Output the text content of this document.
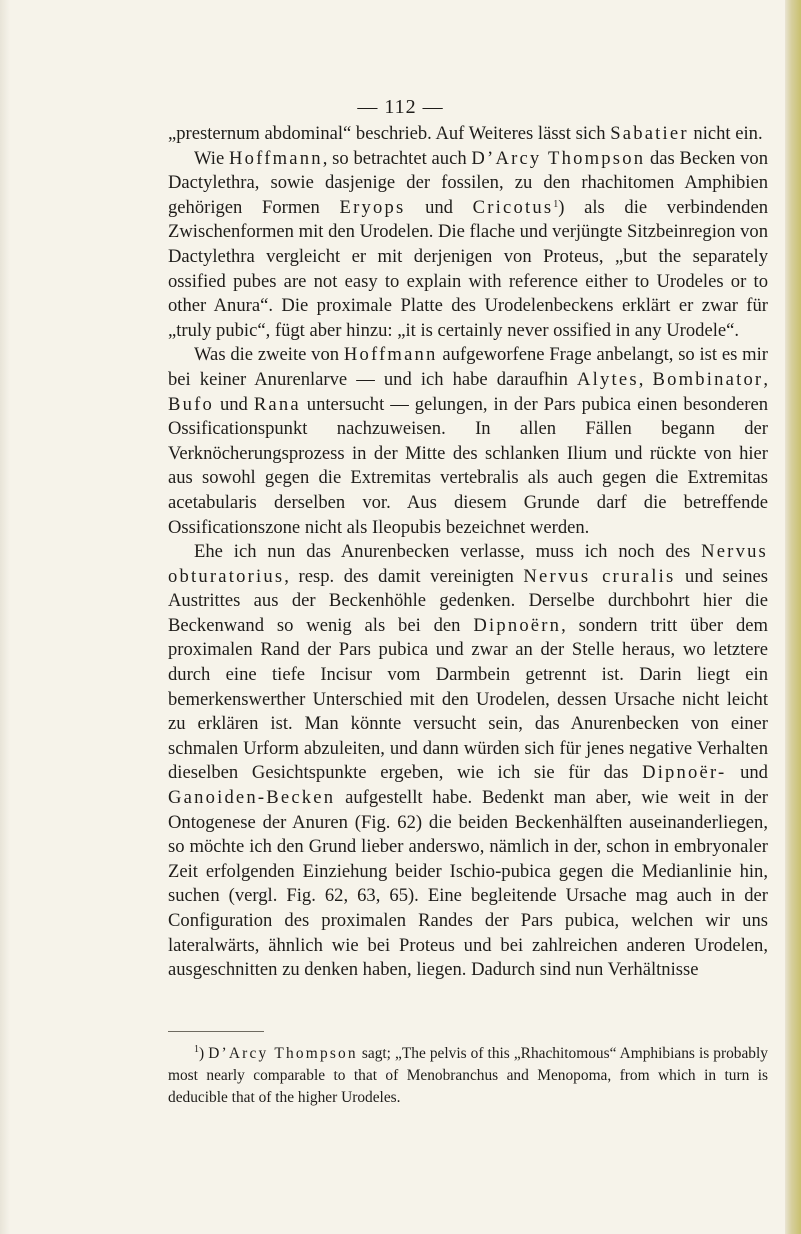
— 112 —

„presternum abdominal“ beschrieb. Auf Weiteres lässt sich Sabatier nicht ein.

Wie Hoffmann, so betrachtet auch D’Arcy Thompson das Becken von Dactylethra, sowie dasjenige der fossilen, zu den rhachitomen Amphibien gehörigen Formen Eryops und Cricotus$^1$) als die verbindenden Zwischenformen mit den Urodelen. Die flache und verjüngte Sitzbeinregion von Dactylethra vergleicht er mit derjenigen von Proteus, „but the separately ossified pubes are not easy to explain with reference either to Urodeles or to other Anura“. Die proximale Platte des Urodelenbeckens erklärt er zwar für „truly pubic“, fügt aber hinzu: „it is certainly never ossified in any Urodele“.

Was die zweite von Hoffmann aufgeworfene Frage anbelangt, so ist es mir bei keiner Anurenlarve — und ich habe daraufhin Alytes, Bombinator, Bufo und Rana untersucht — gelungen, in der Pars pubica einen besonderen Ossificationspunkt nachzuweisen. In allen Fällen begann der Verknöcherungsprozess in der Mitte des schlanken Ilium und rückte von hier aus sowohl gegen die Extremitas vertebralis als auch gegen die Extremitas acetabularis derselben vor. Aus diesem Grunde darf die betreffende Ossificationszone nicht als Ileopubis bezeichnet werden.

Ehe ich nun das Anurenbecken verlasse, muss ich noch des Nervus obturatorius, resp. des damit vereinigten Nervus cruralis und seines Austrittes aus der Beckenhöhle gedenken. Derselbe durchbohrt hier die Beckenwand so wenig als bei den Dipnoërn, sondern tritt über dem proximalen Rand der Pars pubica und zwar an der Stelle heraus, wo letztere durch eine tiefe Incisur vom Darmbein getrennt ist. Darin liegt ein bemerkenswerther Unterschied mit den Urodelen, dessen Ursache nicht leicht zu erklären ist. Man könnte versucht sein, das Anurenbecken von einer schmalen Urform abzuleiten, und dann würden sich für jenes negative Verhalten dieselben Gesichtspunkte ergeben, wie ich sie für das Dipnoër- und Ganoiden-Becken aufgestellt habe. Bedenkt man aber, wie weit in der Ontogenese der Anuren (Fig. 62) die beiden Beckenhälften auseinanderliegen, so möchte ich den Grund lieber anderswo, nämlich in der, schon in embryonaler Zeit erfolgenden Einziehung beider Ischio-pubica gegen die Medianlinie hin, suchen (vergl. Fig. 62, 63, 65). Eine begleitende Ursache mag auch in der Configuration des proximalen Randes der Pars pubica, welchen wir uns lateralwärts, ähnlich wie bei Proteus und bei zahlreichen anderen Urodelen, ausgeschnitten zu denken haben, liegen. Dadurch sind nun Verhältnisse

$^1$) D’Arcy Thompson sagt; „The pelvis of this „Rhachitomous“ Amphibians is probably most nearly comparable to that of Menobranchus and Menopoma, from which in turn is deducible that of the higher Urodeles.
